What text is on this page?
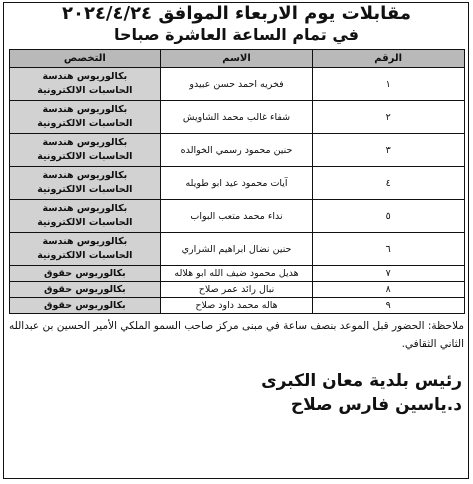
مقابلات يوم الاربعاء الموافق ٢٠٢٤/٤/٢٤
في تمام الساعة العاشرة صباحا
الرقم	الاسم	التخصص
١	فخريه احمد حسن عبيدو	بكالوريوس هندسة
الحاسبات الالكترونية
٢	شفاء غالب محمد الشاويش	بكالوريوس هندسة
الحاسبات الالكترونية
٣	حنين محمود رسمي الخوالده	بكالوريوس هندسة
الحاسبات الالكترونية
٤	آيات محمود عيد ابو طويله	بكالوريوس هندسة
الحاسبات الالكترونية
٥	نداء محمد متعب البواب	بكالوريوس هندسة
الحاسبات الالكترونية
٦	حنين نضال ابراهيم الشراري	بكالوريوس هندسة
الحاسبات الالكترونية
٧	هديل محمود ضيف الله ابو هلاله	بكالوريوس حقوق
٨	نبال رائد عمر صلاح	بكالوريوس حقوق
٩	هاله محمد داود صلاح	بكالوريوس حقوق
ملاحظة: الحضور قبل الموعد بنصف ساعة في مبنى مركز صاحب السمو الملكي الأمير الحسين بن عبدالله الثاني الثقافي.
رئيس بلدية معان الكبرى
د.ياسين فارس صلاح
